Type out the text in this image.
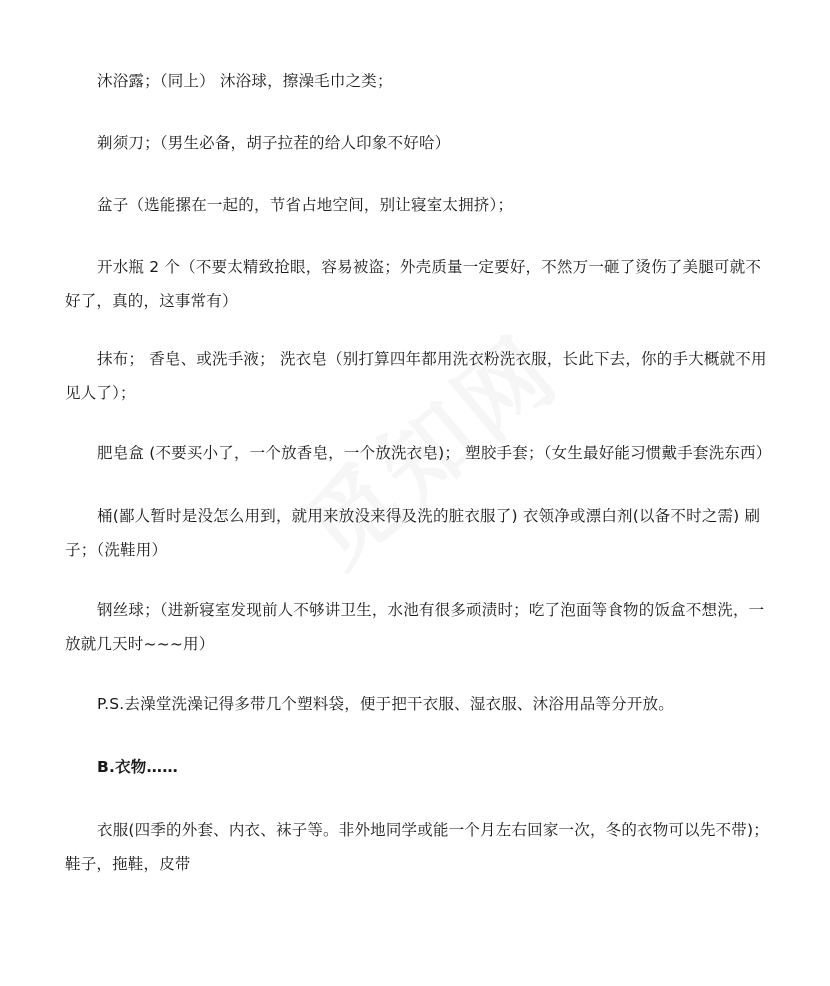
沐浴露；（同上） 沐浴球，擦澡毛巾之类；

剃须刀；（男生必备，胡子拉茬的给人印象不好哈）

盆子（选能摞在一起的，节省占地空间，别让寝室太拥挤）；

开水瓶 2 个（不要太精致抢眼，容易被盗；外壳质量一定要好，不然万一砸了烫伤了美腿可就不好了，真的，这事常有）

抹布； 香皂、或洗手液； 洗衣皂（别打算四年都用洗衣粉洗衣服，长此下去，你的手大概就不用见人了）；

肥皂盒 (不要买小了，一个放香皂，一个放洗衣皂)； 塑胶手套；（女生最好能习惯戴手套洗东西）

桶(鄙人暂时是没怎么用到，就用来放没来得及洗的脏衣服了) 衣领净或漂白剂(以备不时之需) 刷子；（洗鞋用）

钢丝球；（进新寝室发现前人不够讲卫生，水池有很多顽渍时；吃了泡面等食物的饭盒不想洗，一放就几天时~~~用）

P.S.去澡堂洗澡记得多带几个塑料袋，便于把干衣服、湿衣服、沐浴用品等分开放。

B.衣物……

衣服(四季的外套、内衣、袜子等。非外地同学或能一个月左右回家一次，冬的衣物可以先不带)；鞋子，拖鞋，皮带
